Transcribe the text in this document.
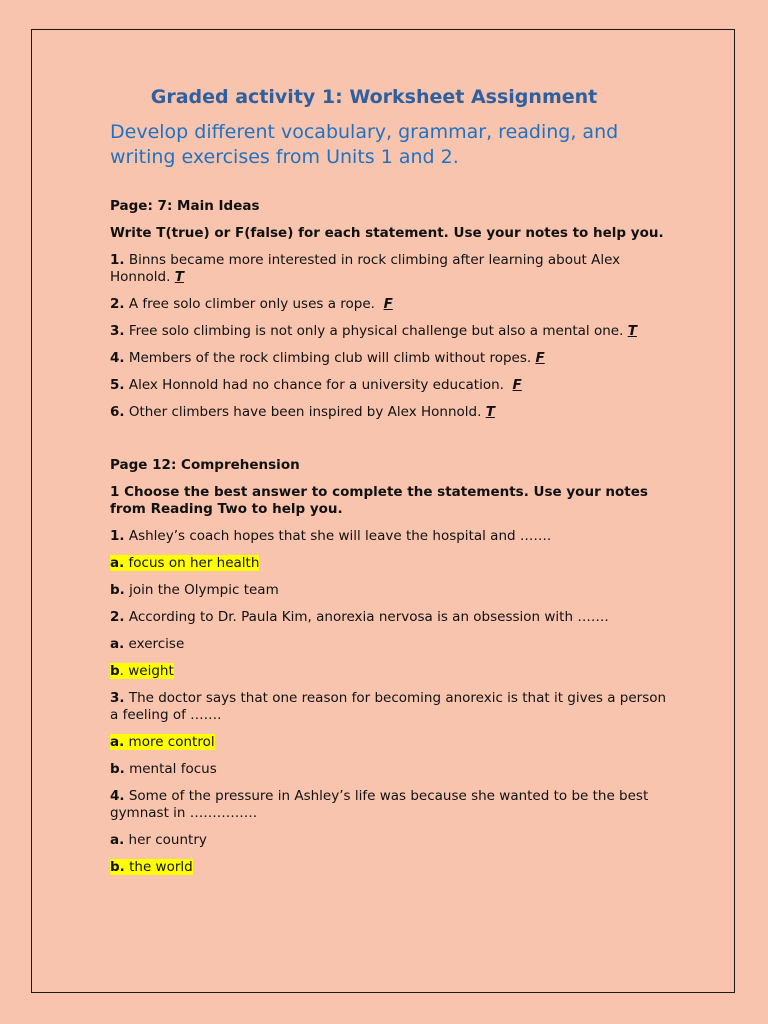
Graded activity 1: Worksheet Assignment
Develop different vocabulary, grammar, reading, and writing exercises from Units 1 and 2.
Page: 7: Main Ideas
Write T(true) or F(false) for each statement. Use your notes to help you.
1. Binns became more interested in rock climbing after learning about Alex Honnold. T
2. A free solo climber only uses a rope. F
3. Free solo climbing is not only a physical challenge but also a mental one. T
4. Members of the rock climbing club will climb without ropes. F
5. Alex Honnold had no chance for a university education. F
6. Other climbers have been inspired by Alex Honnold. T
Page 12: Comprehension
1 Choose the best answer to complete the statements. Use your notes from Reading Two to help you.
1. Ashley’s coach hopes that she will leave the hospital and …….
a. focus on her health
b. join the Olympic team
2. According to Dr. Paula Kim, anorexia nervosa is an obsession with …….
a. exercise
b. weight
3. The doctor says that one reason for becoming anorexic is that it gives a person a feeling of …….
a. more control
b. mental focus
4. Some of the pressure in Ashley’s life was because she wanted to be the best gymnast in ……………
a. her country
b. the world
